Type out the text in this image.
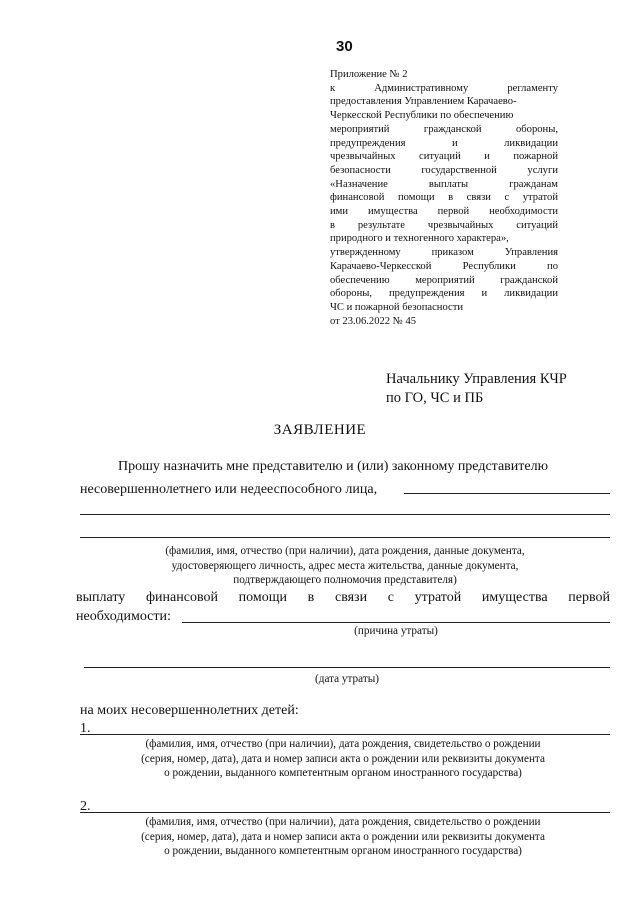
30
Приложение № 2
к Административному регламенту
предоставления Управлением Карачаево-
Черкесской Республики по обеспечению
мероприятий гражданской обороны,
предупреждения и ликвидации
чрезвычайных ситуаций и пожарной
безопасности государственной услуги
«Назначение выплаты гражданам
финансовой помощи в связи с утратой
ими имущества первой необходимости
в результате чрезвычайных ситуаций
природного и техногенного характера»,
утвержденному приказом Управления
Карачаево-Черкесской Республики по
обеспечению мероприятий гражданской
обороны, предупреждения и ликвидации
ЧС и пожарной безопасности
от 23.06.2022 № 45
Начальнику Управления КЧР
по ГО, ЧС и ПБ
ЗАЯВЛЕНИЕ
Прошу назначить мне представителю и (или) законному представителю
несовершеннолетнего или недееспособного лица,
(фамилия, имя, отчество (при наличии), дата рождения, данные документа,
удостоверяющего личность, адрес места жительства, данные документа,
подтверждающего полномочия представителя)
выплату финансовой помощи в связи с утратой имущества первой
необходимости:
(причина утраты)
(дата утраты)
на моих несовершеннолетних детей:
1.
(фамилия, имя, отчество (при наличии), дата рождения, свидетельство о рождении
(серия, номер, дата), дата и номер записи акта о рождении или реквизиты документа
о рождении, выданного компетентным органом иностранного государства)
2.
(фамилия, имя, отчество (при наличии), дата рождения, свидетельство о рождении
(серия, номер, дата), дата и номер записи акта о рождении или реквизиты документа
о рождении, выданного компетентным органом иностранного государства)
